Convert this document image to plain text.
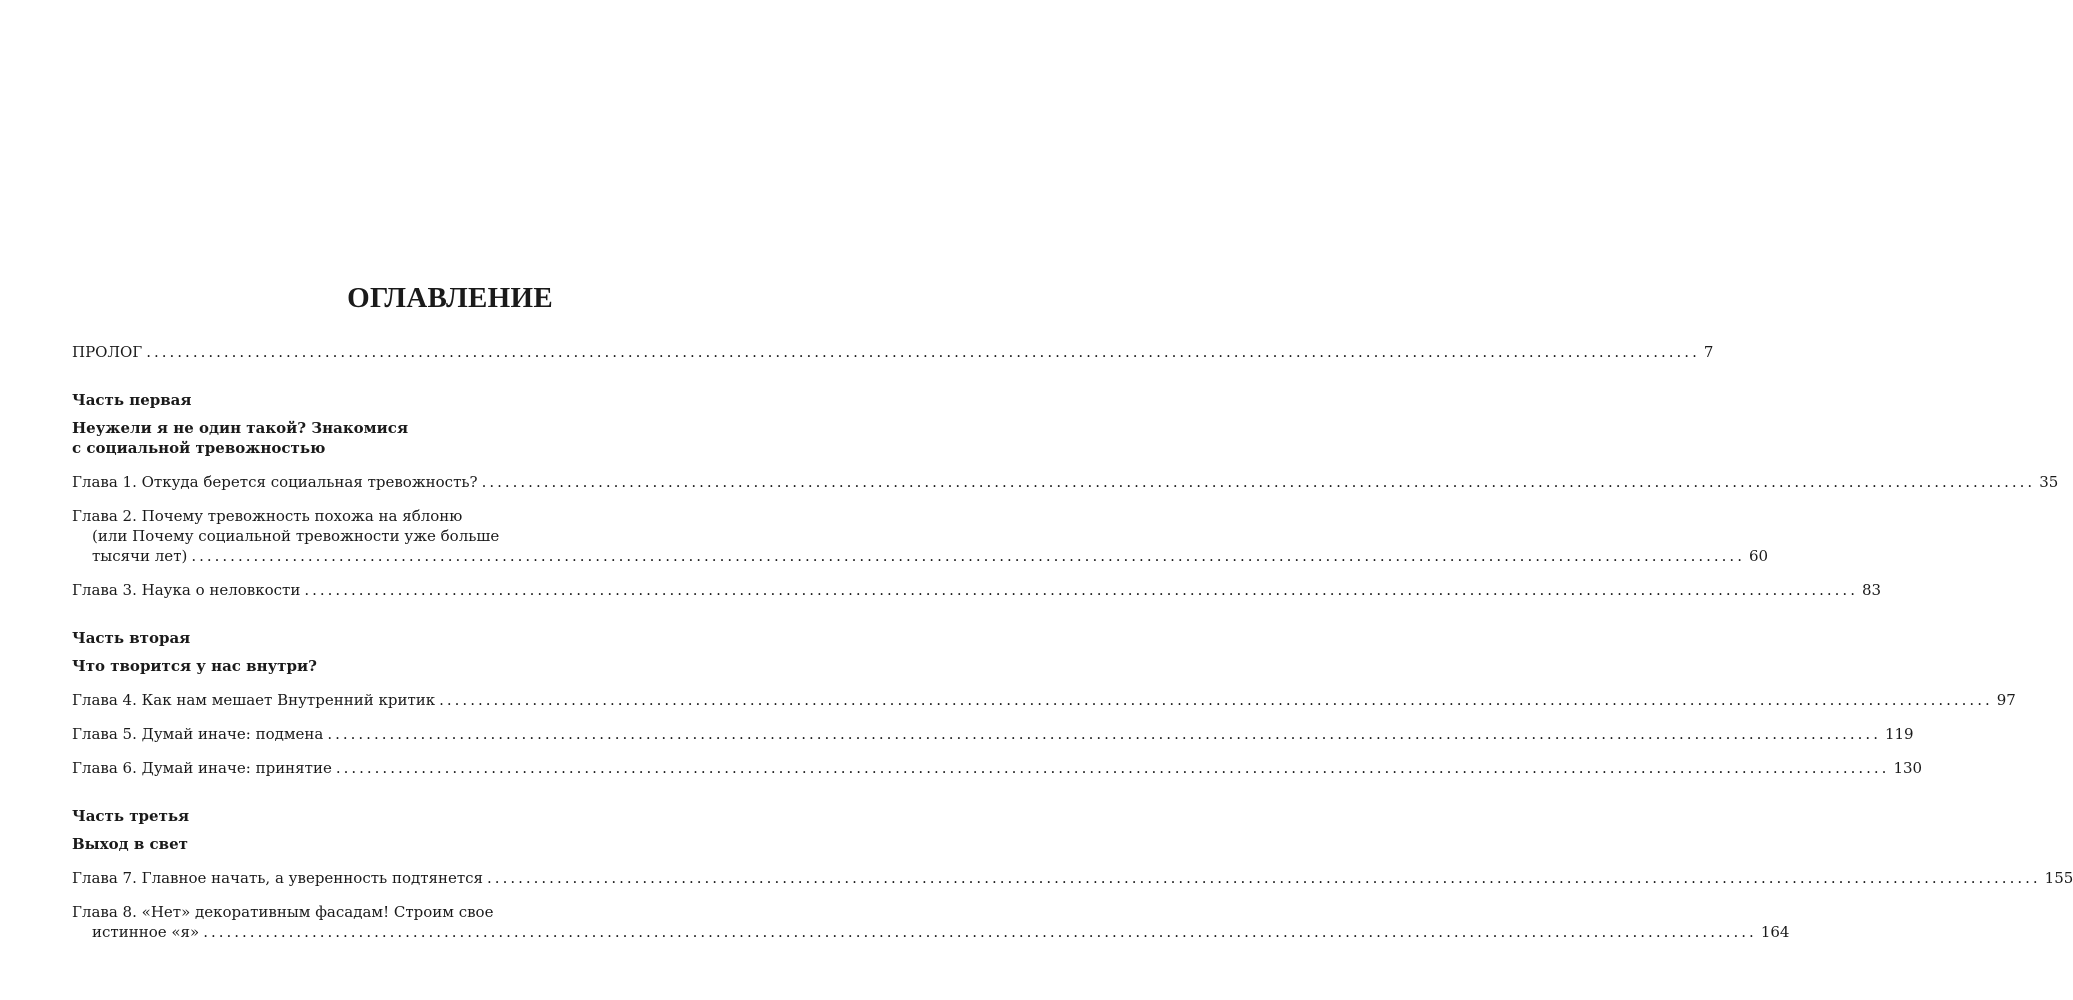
ОГЛАВЛЕНИЕ
ПРОЛОГ ........................................................................................................................................................................................................ 7
Часть первая
Неужели я не один такой? Знакомися
с социальной тревожностью
Глава 1. Откуда берется социальная тревожность? ........................................................................................................................................................................................................ 35
Глава 2. Почему тревожность похожа на яблоню
(или Почему социальной тревожности уже больше
тысячи лет) ........................................................................................................................................................................................................ 60
Глава 3. Наука о неловкости ........................................................................................................................................................................................................ 83
Часть вторая
Что творится у нас внутри?
Глава 4. Как нам мешает Внутренний критик ........................................................................................................................................................................................................ 97
Глава 5. Думай иначе: подмена ........................................................................................................................................................................................................ 119
Глава 6. Думай иначе: принятие ........................................................................................................................................................................................................ 130
Часть третья
Выход в свет
Глава 7. Главное начать, а уверенность подтянется ........................................................................................................................................................................................................ 155
Глава 8. «Нет» декоративным фасадам! Строим свое
истинное «я» ........................................................................................................................................................................................................ 164
